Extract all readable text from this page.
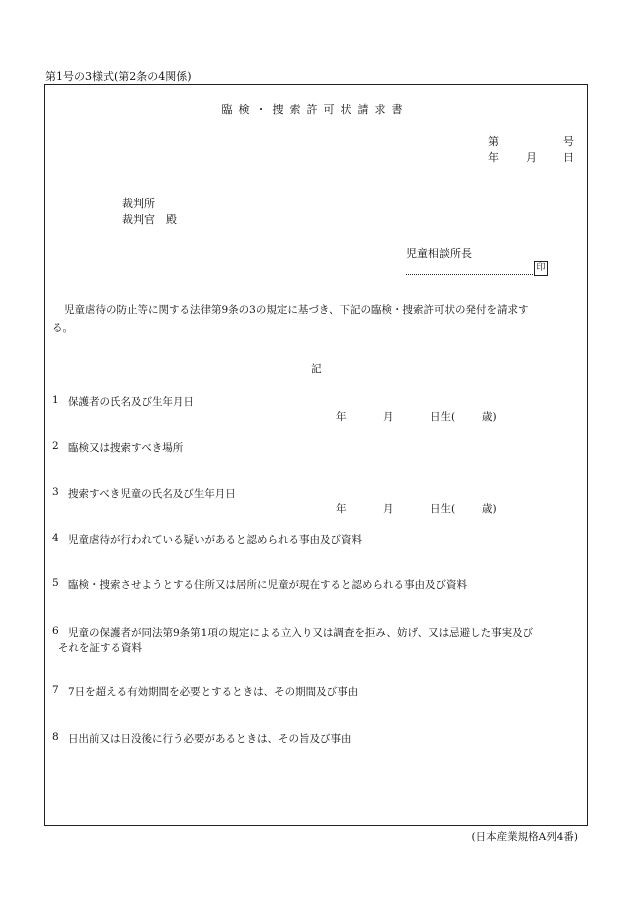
第1号の3様式(第2条の4関係)
臨検・捜索許可状請求書
第	号
年 月 日
裁判所
裁判官　殿
児童相談所長
印
児童虐待の防止等に関する法律第9条の3の規定に基づき、下記の臨検・捜索許可状の発付を請求す
る。
記
1 保護者の氏名及び生年月日
年	月	日生(	歳)
2 臨検又は捜索すべき場所
3 捜索すべき児童の氏名及び生年月日
年	月	日生(	歳)
4 児童虐待が行われている疑いがあると認められる事由及び資料
5 臨検・捜索させようとする住所又は居所に児童が現在すると認められる事由及び資料
6 児童の保護者が同法第9条第1項の規定による立入り又は調査を拒み、妨げ、又は忌避した事実及び
それを証する資料
7 7日を超える有効期間を必要とするときは、その期間及び事由
8 日出前又は日没後に行う必要があるときは、その旨及び事由
(日本産業規格A列4番)
